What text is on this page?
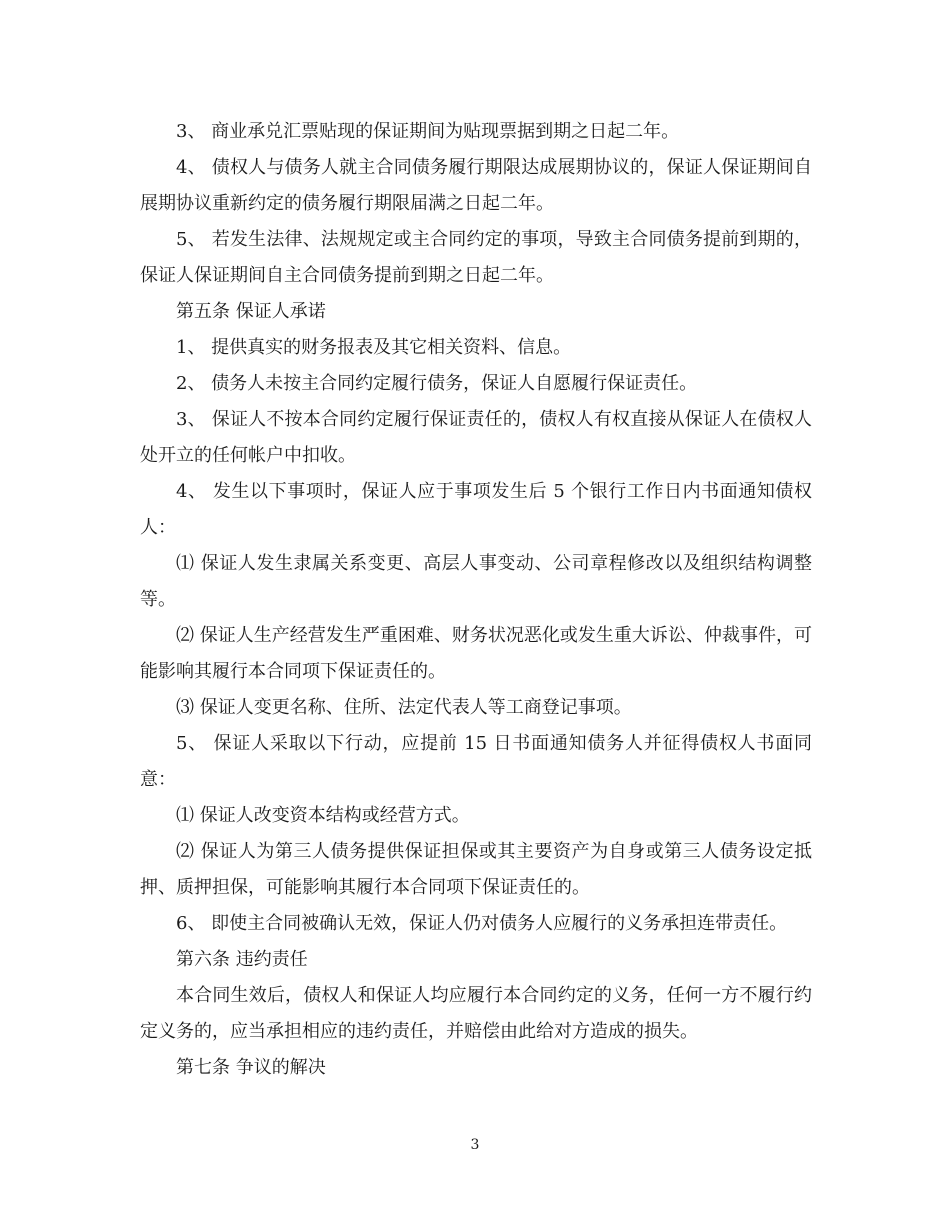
3、 商业承兑汇票贴现的保证期间为贴现票据到期之日起二年。

4、 债权人与债务人就主合同债务履行期限达成展期协议的，保证人保证期间自展期协议重新约定的债务履行期限届满之日起二年。

5、 若发生法律、法规规定或主合同约定的事项，导致主合同债务提前到期的，保证人保证期间自主合同债务提前到期之日起二年。

第五条 保证人承诺

1、 提供真实的财务报表及其它相关资料、信息。

2、 债务人未按主合同约定履行债务，保证人自愿履行保证责任。

3、 保证人不按本合同约定履行保证责任的，债权人有权直接从保证人在债权人处开立的任何帐户中扣收。

4、 发生以下事项时，保证人应于事项发生后 5 个银行工作日内书面通知债权人：

⑴ 保证人发生隶属关系变更、高层人事变动、公司章程修改以及组织结构调整等。

⑵ 保证人生产经营发生严重困难、财务状况恶化或发生重大诉讼、仲裁事件，可能影响其履行本合同项下保证责任的。

⑶ 保证人变更名称、住所、法定代表人等工商登记事项。

5、 保证人采取以下行动，应提前 15 日书面通知债务人并征得债权人书面同意：

⑴ 保证人改变资本结构或经营方式。

⑵ 保证人为第三人债务提供保证担保或其主要资产为自身或第三人债务设定抵押、质押担保，可能影响其履行本合同项下保证责任的。

6、 即使主合同被确认无效，保证人仍对债务人应履行的义务承担连带责任。

第六条 违约责任

本合同生效后，债权人和保证人均应履行本合同约定的义务，任何一方不履行约定义务的，应当承担相应的违约责任，并赔偿由此给对方造成的损失。

第七条 争议的解决

3
